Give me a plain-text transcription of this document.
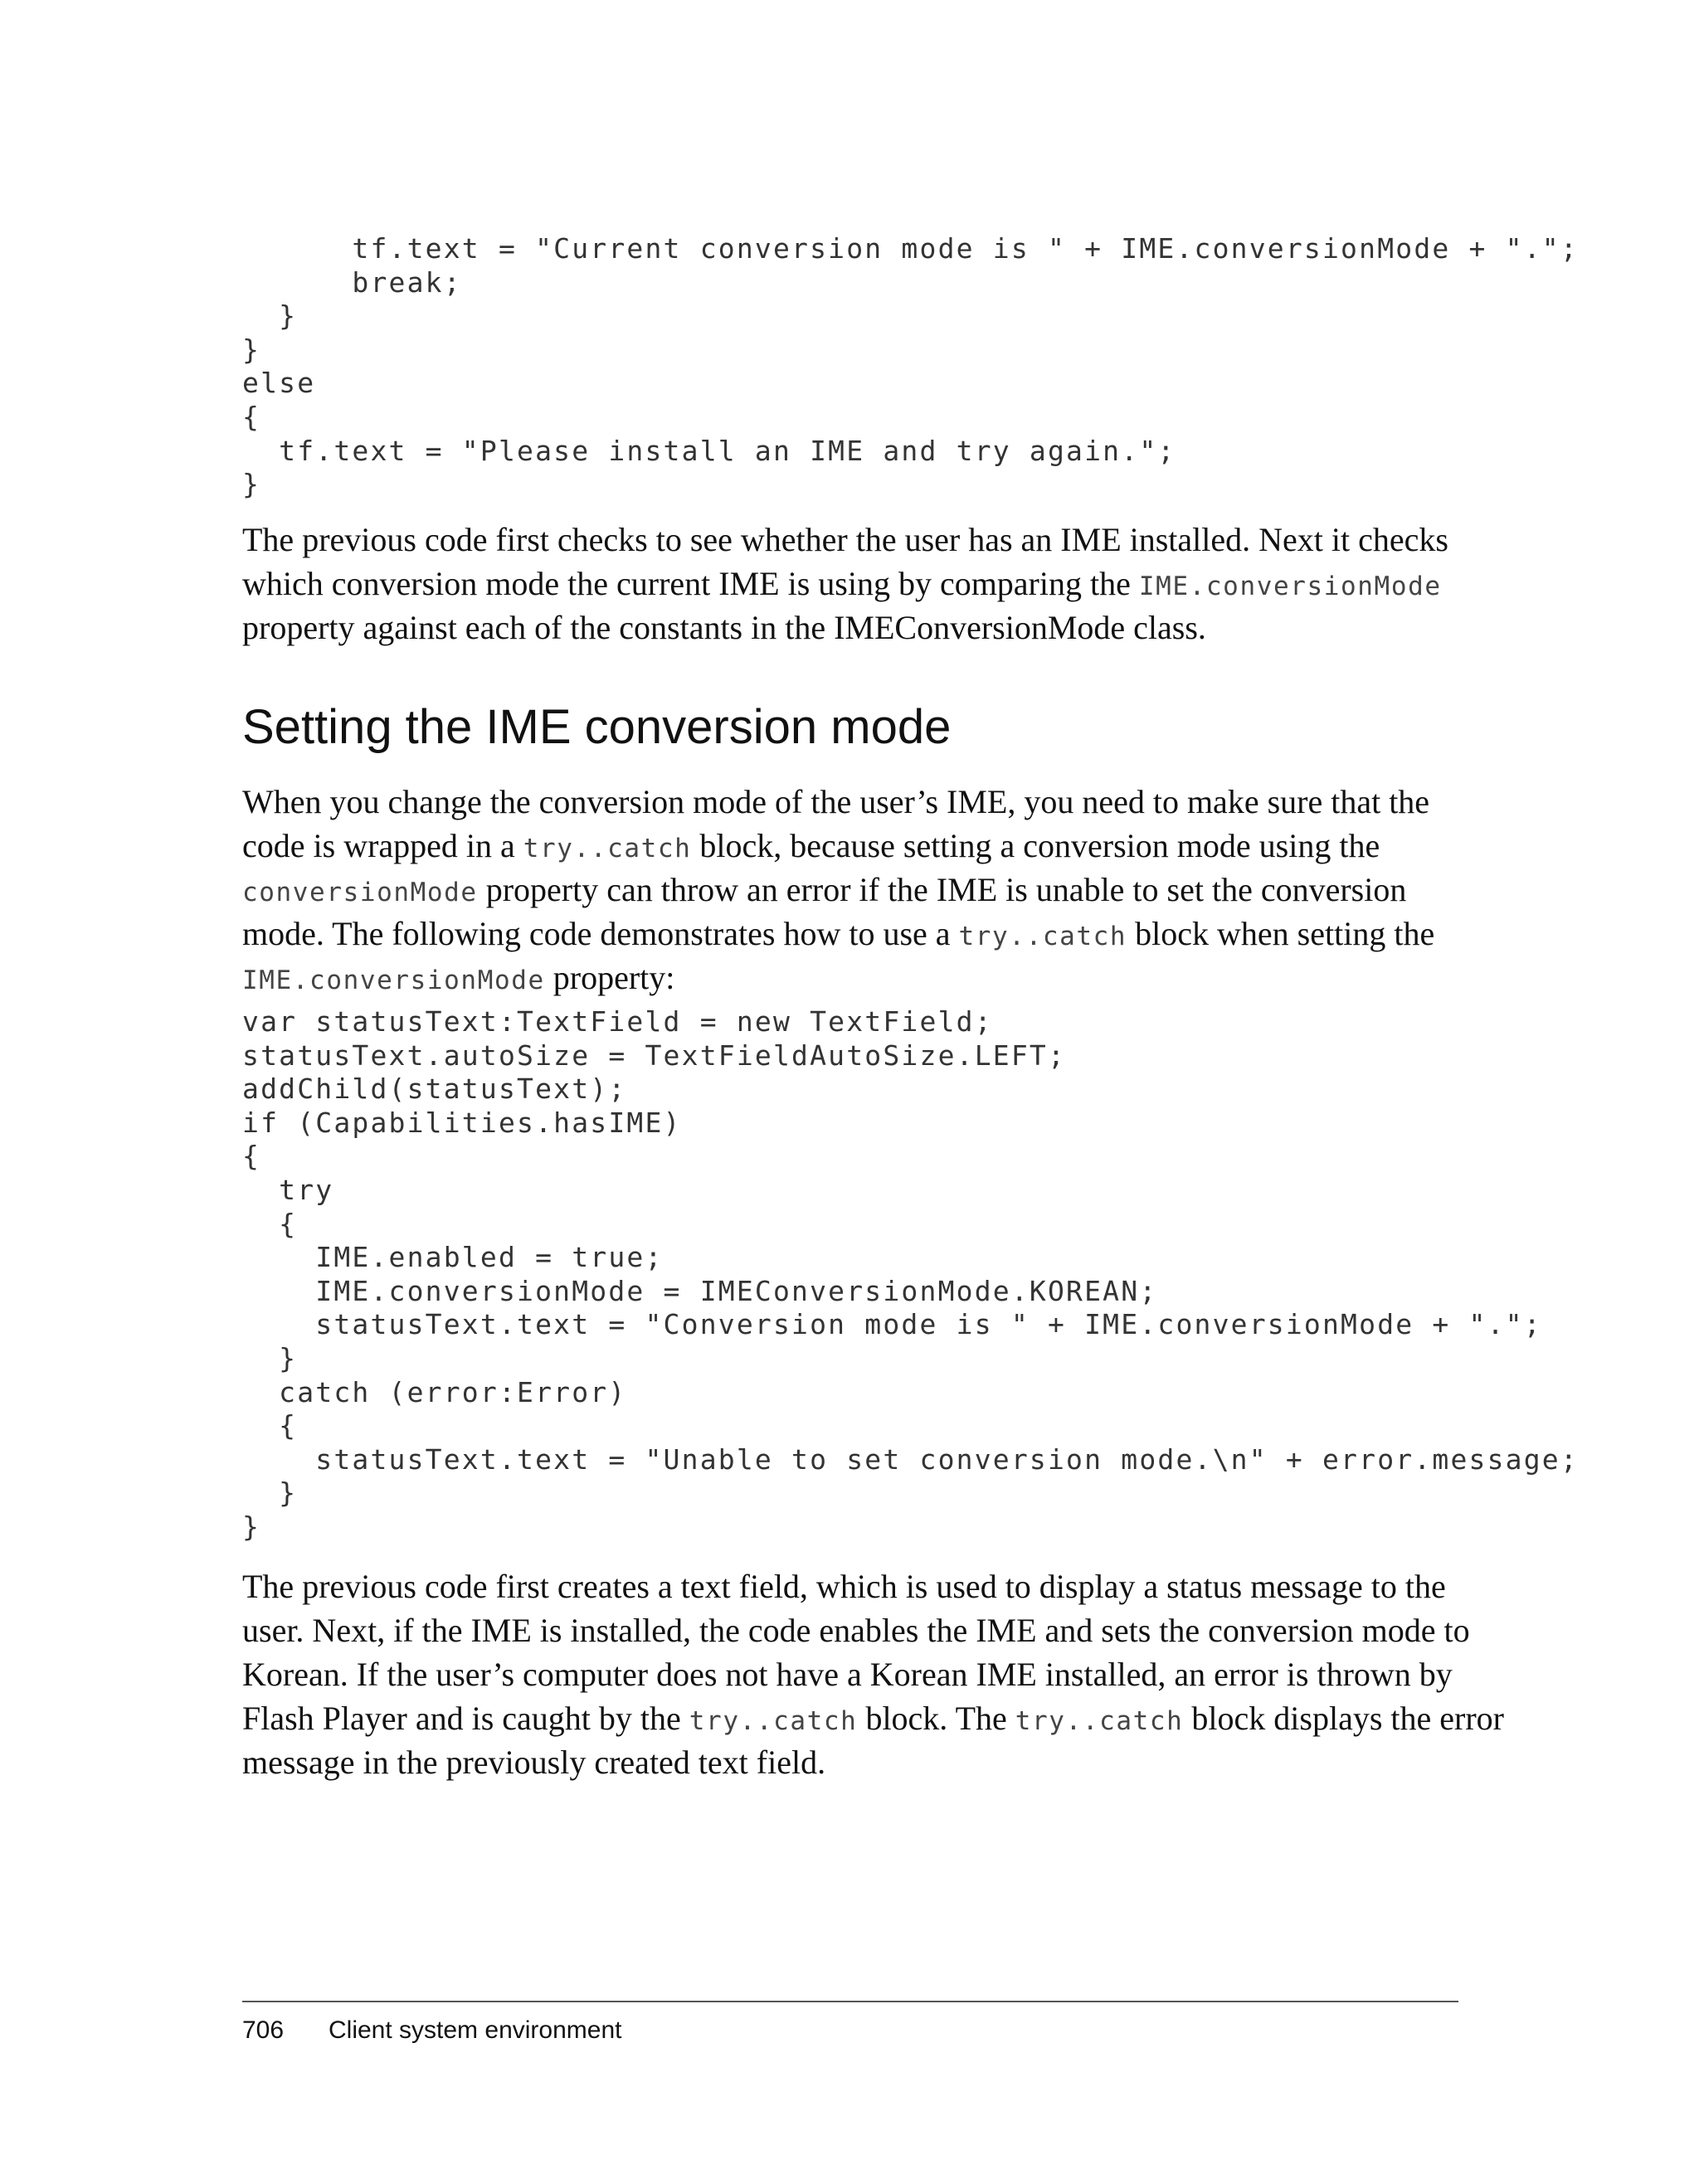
tf.text = "Current conversion mode is " + IME.conversionMode + ".";
break;
}
}
else
{
tf.text = "Please install an IME and try again.";
}

The previous code first checks to see whether the user has an IME installed. Next it checks
which conversion mode the current IME is using by comparing the IME.conversionMode
property against each of the constants in the IMEConversionMode class.

Setting the IME conversion mode

When you change the conversion mode of the user’s IME, you need to make sure that the
code is wrapped in a try..catch block, because setting a conversion mode using the
conversionMode property can throw an error if the IME is unable to set the conversion
mode. The following code demonstrates how to use a try..catch block when setting the
IME.conversionMode property:

var statusText:TextField = new TextField;
statusText.autoSize = TextFieldAutoSize.LEFT;
addChild(statusText);
if (Capabilities.hasIME)
{
try
{
IME.enabled = true;
IME.conversionMode = IMEConversionMode.KOREAN;
statusText.text = "Conversion mode is " + IME.conversionMode + ".";
}
catch (error:Error)
{
statusText.text = "Unable to set conversion mode.\n" + error.message;
}
}

The previous code first creates a text field, which is used to display a status message to the
user. Next, if the IME is installed, the code enables the IME and sets the conversion mode to
Korean. If the user’s computer does not have a Korean IME installed, an error is thrown by
Flash Player and is caught by the try..catch block. The try..catch block displays the error
message in the previously created text field.

706 Client system environment
